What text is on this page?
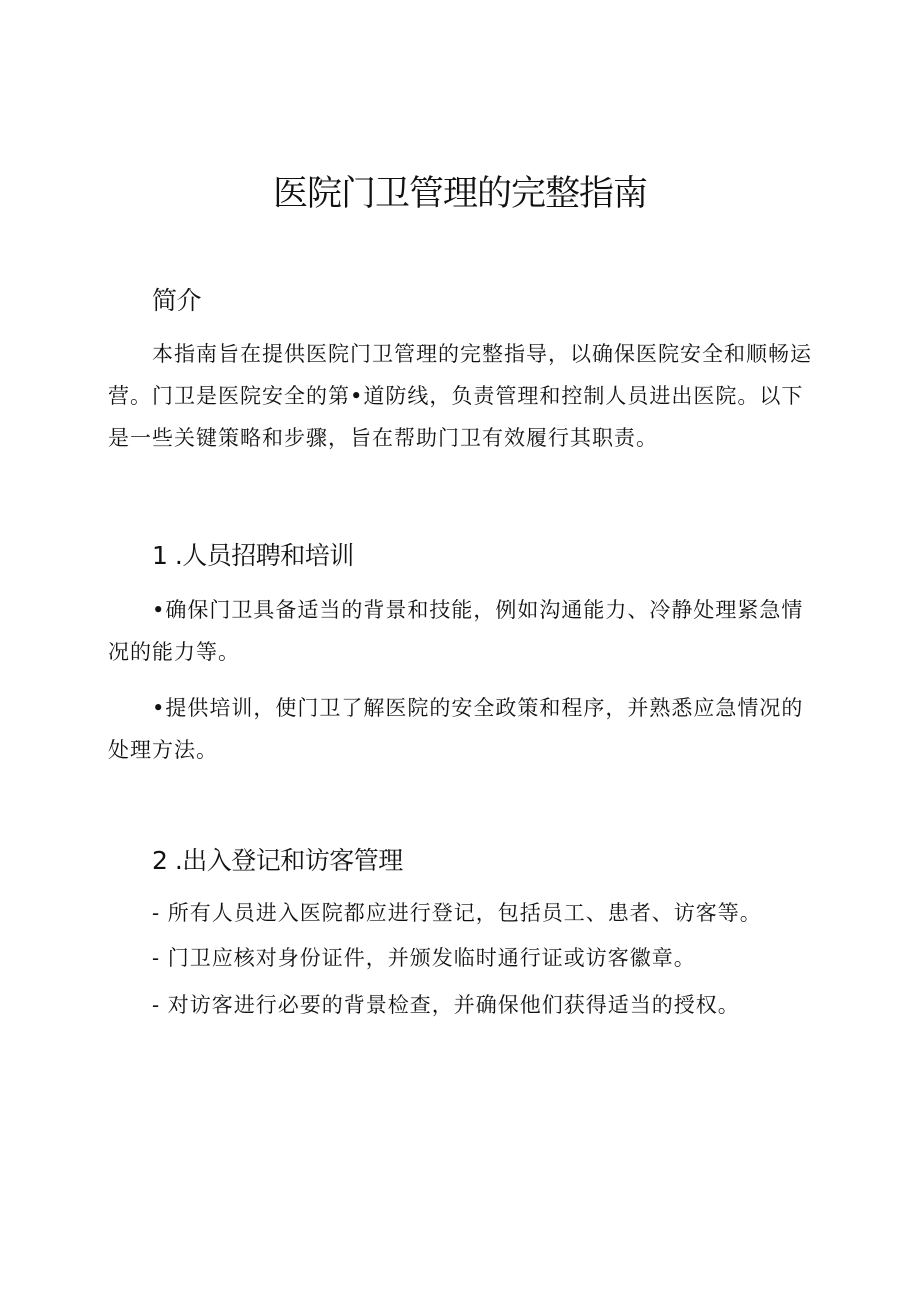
医院门卫管理的完整指南
简介

本指南旨在提供医院门卫管理的完整指导，以确保医院安全和顺畅运营。门卫是医院安全的第•道防线，负责管理和控制人员进出医院。以下是一些关键策略和步骤，旨在帮助门卫有效履行其职责。

1 .人员招聘和培训

•确保门卫具备适当的背景和技能，例如沟通能力、冷静处理紧急情况的能力等。

•提供培训，使门卫了解医院的安全政策和程序，并熟悉应急情况的处理方法。

2 .出入登记和访客管理

- 所有人员进入医院都应进行登记，包括员工、患者、访客等。

- 门卫应核对身份证件，并颁发临时通行证或访客徽章。

- 对访客进行必要的背景检查，并确保他们获得适当的授权。
